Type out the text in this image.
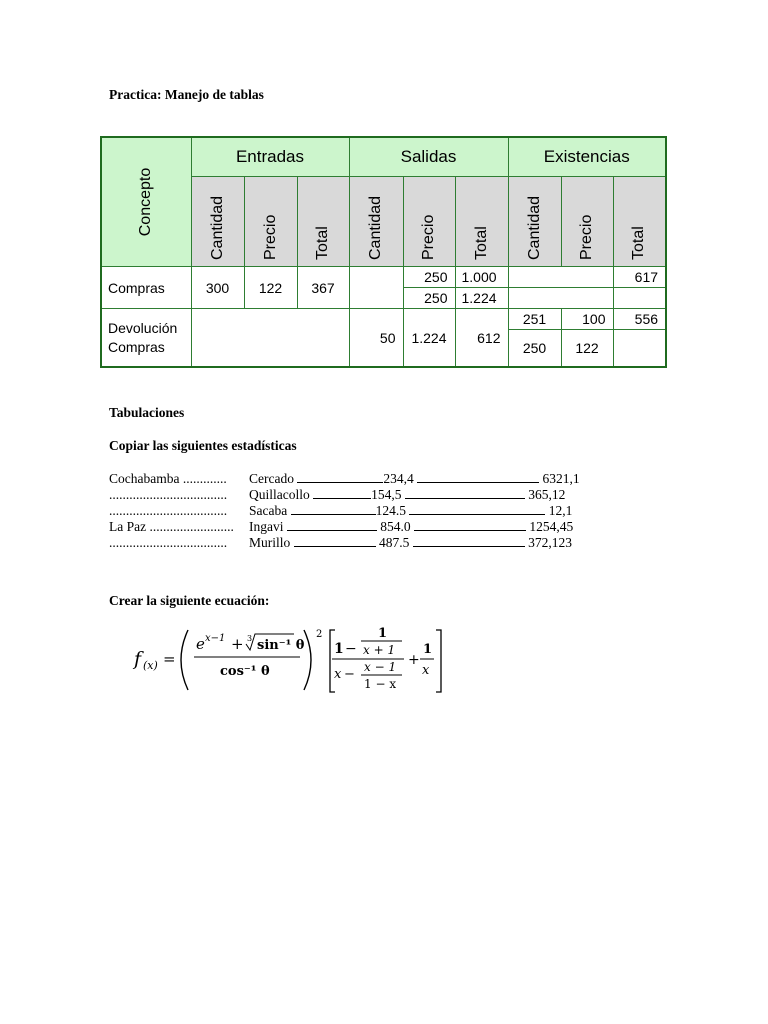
Practica: Manejo de tablas
Concepto	Entradas			Salidas			Existencias		

	Cantidad	Precio	Total	Cantidad	Precio	Total	Cantidad	Precio	Total

Compras	300	122	367		250	1.000			617
					250	1.224			
Devolución
Compras				50	1.224	612	251	100	556
							250	122	
Tabulaciones
Copiar las siguientes estadísticas
Cochabamba .............	Cercado	234,4	6321,1
...................................	Quillacollo	154,5	365,12
...................................	Sacaba	124.5	12,1
La Paz .........................	Ingavi	854.0	1254,45
...................................	Murillo	487.5	372,123
Crear la siguiente ecuación:
f (x) =
e x−1 + 3 sin⁻¹ θ
cos⁻¹ θ
2
1 −
1
x + 1
x − x − 1
1 − x
+
1
x
